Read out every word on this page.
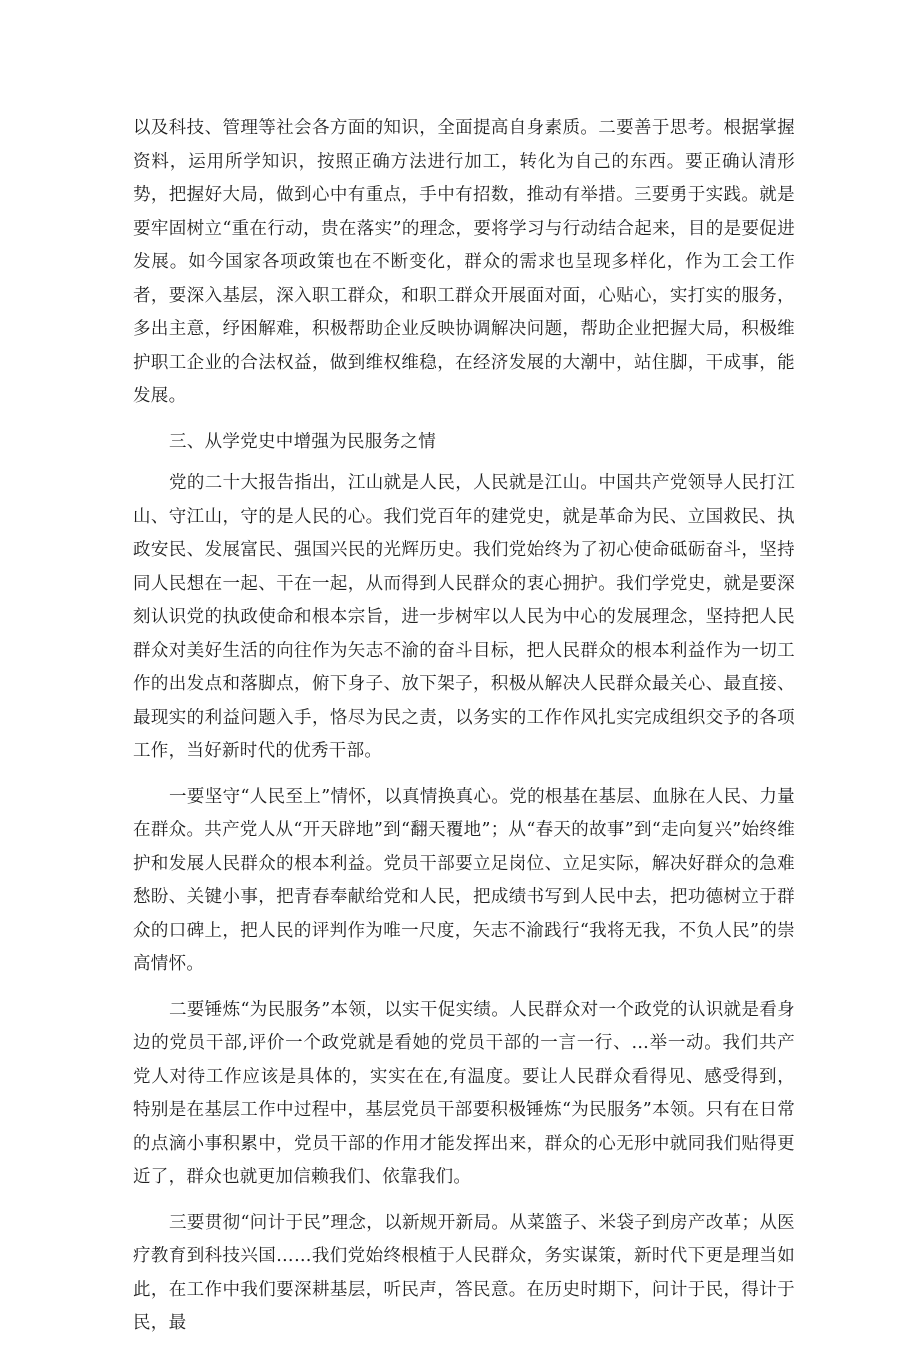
以及科技、管理等社会各方面的知识，全面提高自身素质。二要善于思考。根据掌握资料，运用所学知识，按照正确方法进行加工，转化为自己的东西。要正确认清形势，把握好大局，做到心中有重点，手中有招数，推动有举措。三要勇于实践。就是要牢固树立“重在行动，贵在落实”的理念，要将学习与行动结合起来，目的是要促进发展。如今国家各项政策也在不断变化，群众的需求也呈现多样化，作为工会工作者，要深入基层，深入职工群众，和职工群众开展面对面，心贴心，实打实的服务，多出主意，纾困解难，积极帮助企业反映协调解决问题，帮助企业把握大局，积极维护职工企业的合法权益，做到维权维稳，在经济发展的大潮中，站住脚，干成事，能发展。

三、从学党史中增强为民服务之情

党的二十大报告指出，江山就是人民，人民就是江山。中国共产党领导人民打江山、守江山，守的是人民的心。我们党百年的建党史，就是革命为民、立国救民、执政安民、发展富民、强国兴民的光辉历史。我们党始终为了初心使命砥砺奋斗，坚持同人民想在一起、干在一起，从而得到人民群众的衷心拥护。我们学党史，就是要深刻认识党的执政使命和根本宗旨，进一步树牢以人民为中心的发展理念，坚持把人民群众对美好生活的向往作为矢志不渝的奋斗目标，把人民群众的根本利益作为一切工作的出发点和落脚点，俯下身子、放下架子，积极从解决人民群众最关心、最直接、最现实的利益问题入手，恪尽为民之责，以务实的工作作风扎实完成组织交予的各项工作，当好新时代的优秀干部。

一要坚守“人民至上”情怀，以真情换真心。党的根基在基层、血脉在人民、力量在群众。共产党人从“开天辟地”到“翻天覆地”；从“春天的故事”到“走向复兴”始终维护和发展人民群众的根本利益。党员干部要立足岗位、立足实际，解决好群众的急难愁盼、关键小事，把青春奉献给党和人民，把成绩书写到人民中去，把功德树立于群众的口碑上，把人民的评判作为唯一尺度，矢志不渝践行“我将无我，不负人民”的崇高情怀。

二要锤炼“为民服务”本领，以实干促实绩。人民群众对一个政党的认识就是看身边的党员干部,评价一个政党就是看她的党员干部的一言一行、…举一动。我们共产党人对待工作应该是具体的，实实在在,有温度。要让人民群众看得见、感受得到，特别是在基层工作中过程中，基层党员干部要积极锤炼“为民服务”本领。只有在日常的点滴小事积累中，党员干部的作用才能发挥出来，群众的心无形中就同我们贴得更近了，群众也就更加信赖我们、依靠我们。

三要贯彻“问计于民”理念，以新规开新局。从菜篮子、米袋子到房产改革；从医疗教育到科技兴国……我们党始终根植于人民群众，务实谋策，新时代下更是理当如此，在工作中我们要深耕基层，听民声，答民意。在历史时期下，问计于民，得计于民，最
